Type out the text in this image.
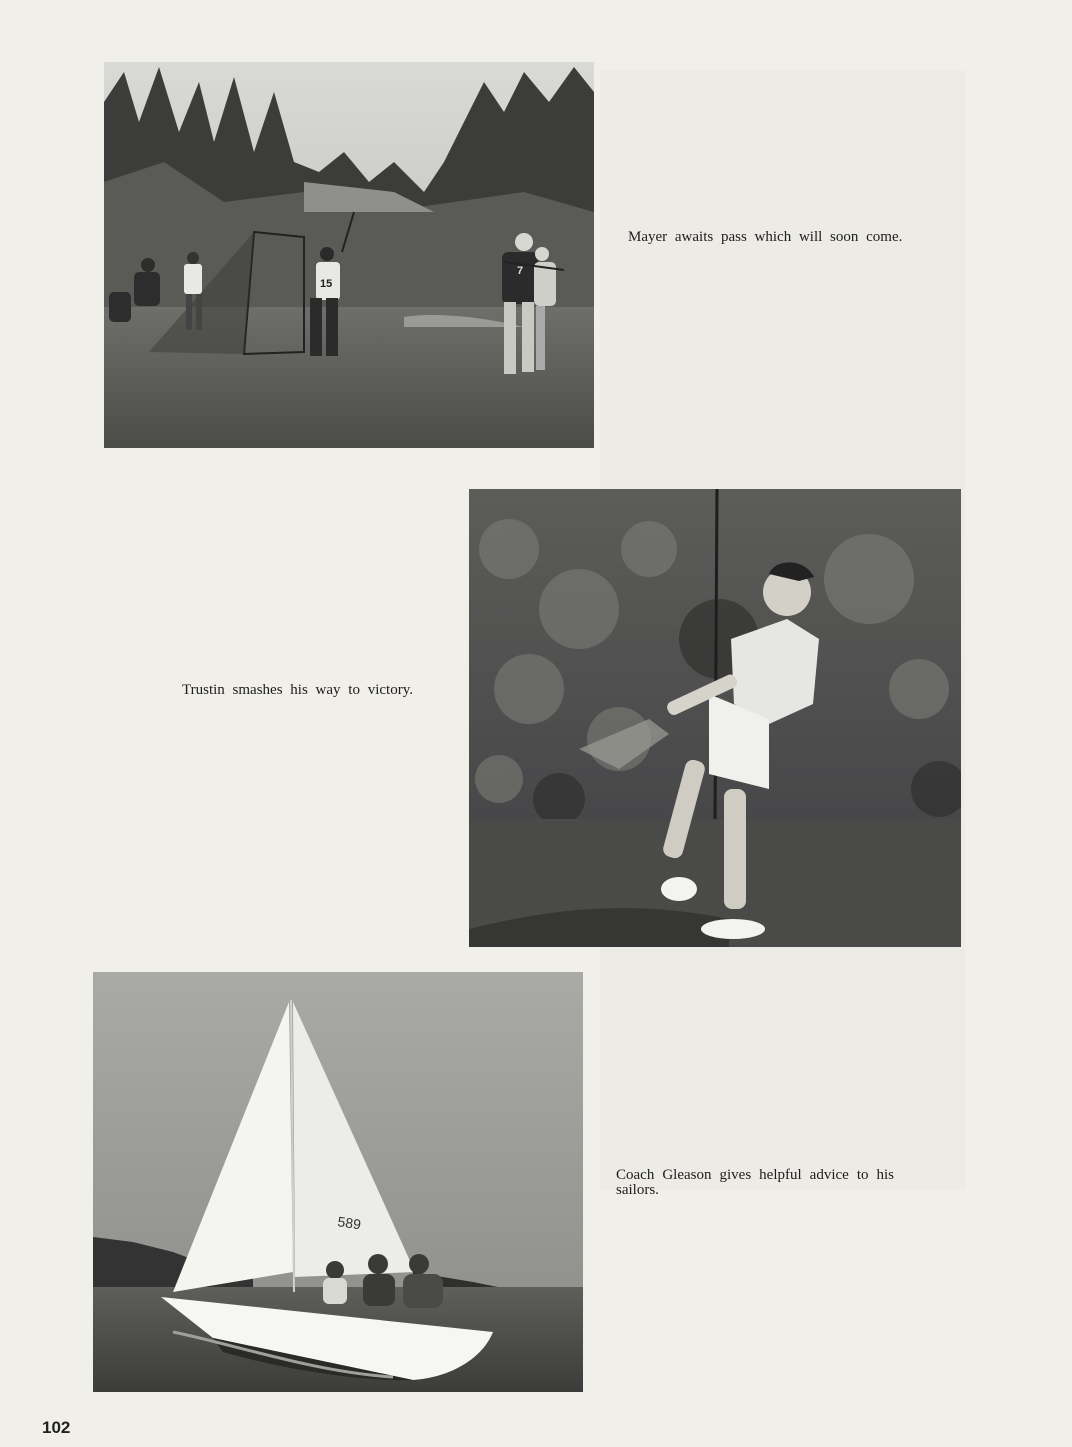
15
7
Mayer awaits pass which will soon come.
Trustin smashes his way to victory.
589
Coach Gleason gives helpful advice to his sailors.
102
